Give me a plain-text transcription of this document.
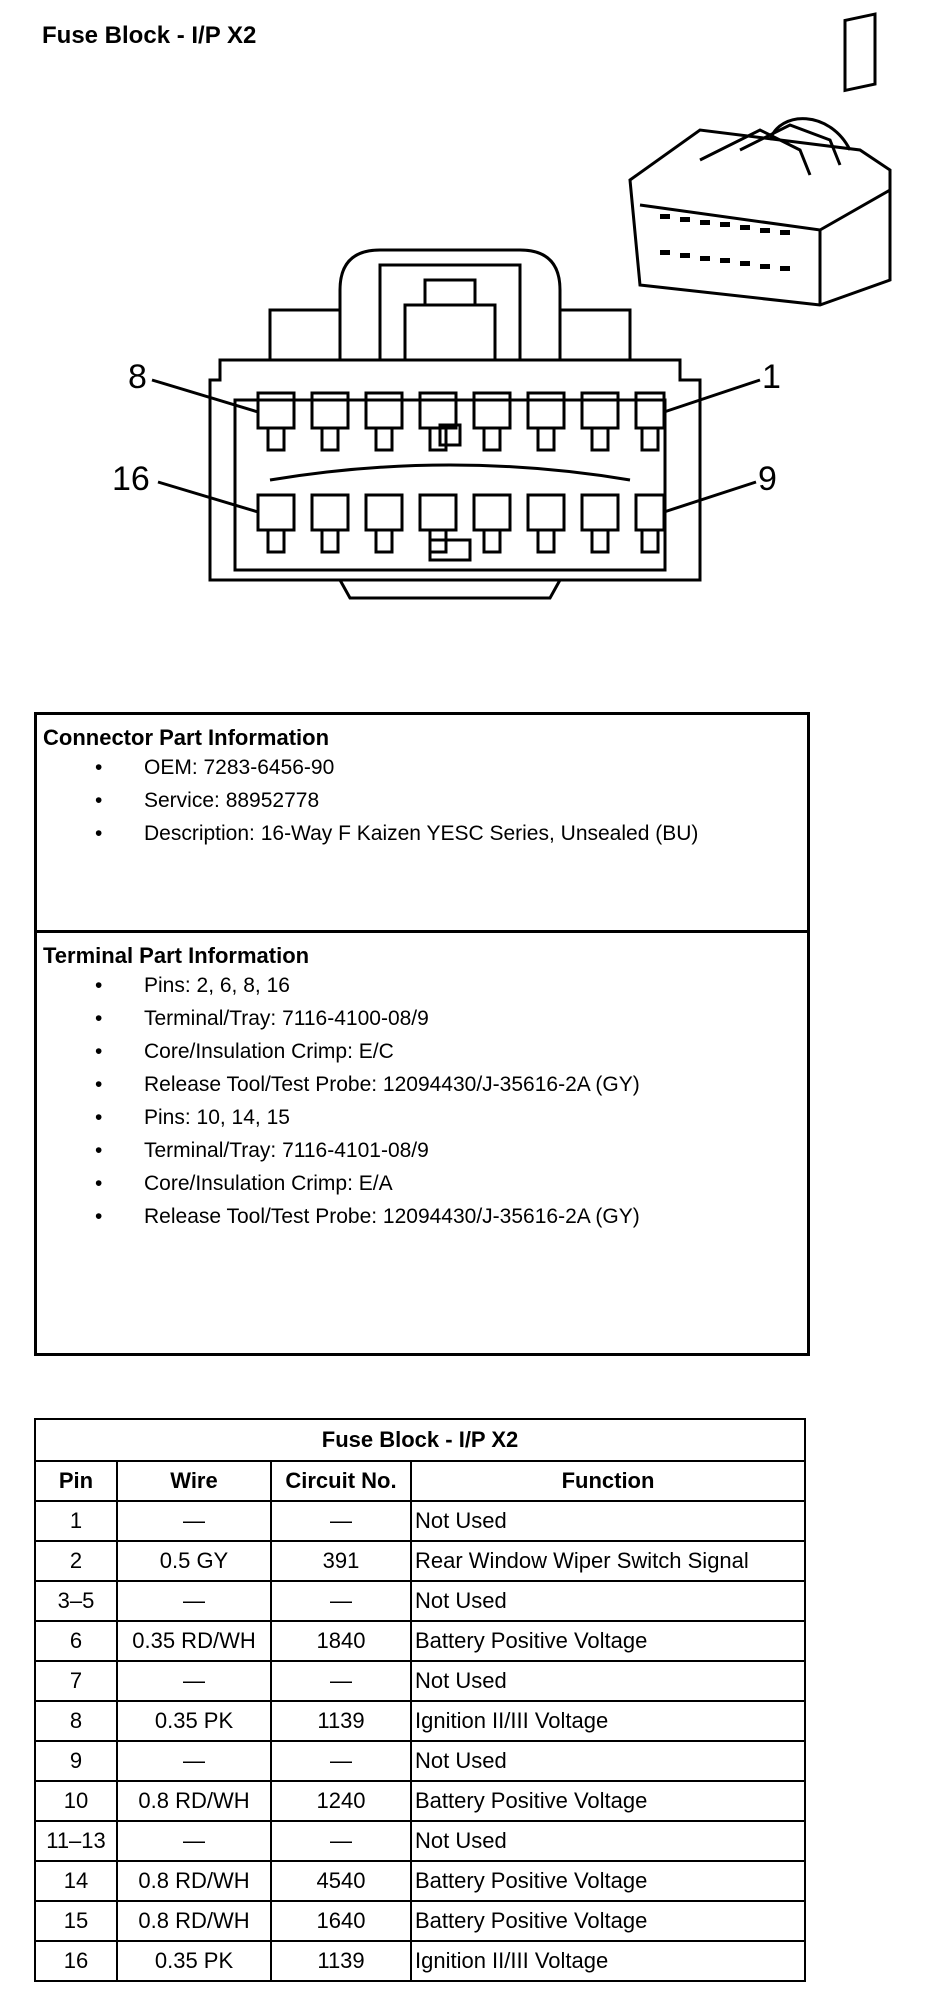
Fuse Block - I/P X2
8	1
16	9
Connector Part Information
• OEM: 7283-6456-90
• Service: 88952778
• Description: 16-Way F Kaizen YESC Series, Unsealed (BU)
Terminal Part Information
• Pins: 2, 6, 8, 16
• Terminal/Tray: 7116-4100-08/9
• Core/Insulation Crimp: E/C
• Release Tool/Test Probe: 12094430/J-35616-2A (GY)
• Pins: 10, 14, 15
• Terminal/Tray: 7116-4101-08/9
• Core/Insulation Crimp: E/A
• Release Tool/Test Probe: 12094430/J-35616-2A (GY)
Fuse Block - I/P X2			
Pin	Wire	Circuit No.	Function
1	—	—	Not Used
2	0.5 GY	391	Rear Window Wiper Switch Signal
3–5	—	—	Not Used
6	0.35 RD/WH	1840	Battery Positive Voltage
7	—	—	Not Used
8	0.35 PK	1139	Ignition II/III Voltage
9	—	—	Not Used
10	0.8 RD/WH	1240	Battery Positive Voltage
11–13	—	—	Not Used
14	0.8 RD/WH	4540	Battery Positive Voltage
15	0.8 RD/WH	1640	Battery Positive Voltage
16	0.35 PK	1139	Ignition II/III Voltage
